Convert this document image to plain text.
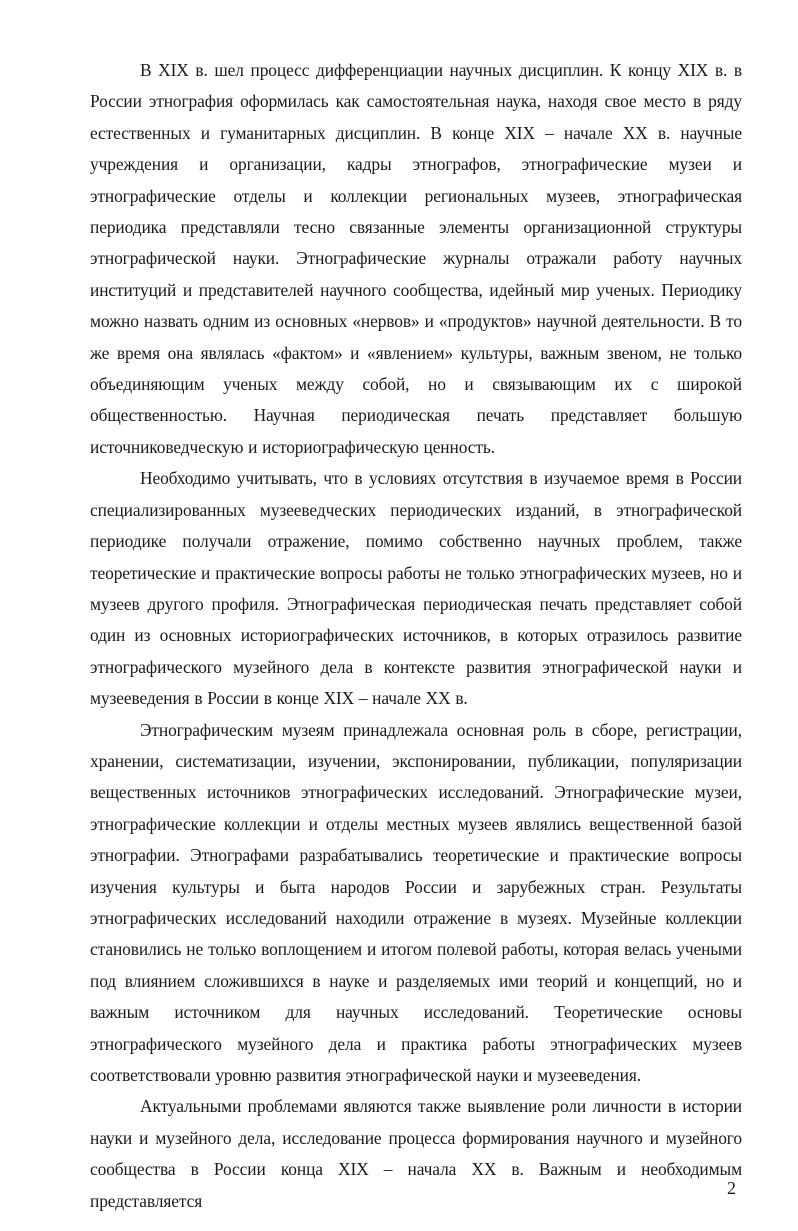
В XIX в. шел процесс дифференциации научных дисциплин. К концу XIX в. в России этнография оформилась как самостоятельная наука, находя свое место в ряду естественных и гуманитарных дисциплин. В конце XIX – начале XX в. научные учреждения и организации, кадры этнографов, этнографические музеи и этнографические отделы и коллекции региональных музеев, этнографическая периодика представляли тесно связанные элементы организационной структуры этнографической науки. Этнографические журналы отражали работу научных институций и представителей научного сообщества, идейный мир ученых. Периодику можно назвать одним из основных «нервов» и «продуктов» научной деятельности. В то же время она являлась «фактом» и «явлением» культуры, важным звеном, не только объединяющим ученых между собой, но и связывающим их с широкой общественностью. Научная периодическая печать представляет большую источниковедческую и историографическую ценность.

Необходимо учитывать, что в условиях отсутствия в изучаемое время в России специализированных музееведческих периодических изданий, в этнографической периодике получали отражение, помимо собственно научных проблем, также теоретические и практические вопросы работы не только этнографических музеев, но и музеев другого профиля. Этнографическая периодическая печать представляет собой один из основных историографических источников, в которых отразилось развитие этнографического музейного дела в контексте развития этнографической науки и музееведения в России в конце XIX – начале XX в.

Этнографическим музеям принадлежала основная роль в сборе, регистрации, хранении, систематизации, изучении, экспонировании, публикации, популяризации вещественных источников этнографических исследований. Этнографические музеи, этнографические коллекции и отделы местных музеев являлись вещественной базой этнографии. Этнографами разрабатывались теоретические и практические вопросы изучения культуры и быта народов России и зарубежных стран. Результаты этнографических исследований находили отражение в музеях. Музейные коллекции становились не только воплощением и итогом полевой работы, которая велась учеными под влиянием сложившихся в науке и разделяемых ими теорий и концепций, но и важным источником для научных исследований. Теоретические основы этнографического музейного дела и практика работы этнографических музеев соответствовали уровню развития этнографической науки и музееведения.

Актуальными проблемами являются также выявление роли личности в истории науки и музейного дела, исследование процесса формирования научного и музейного сообщества в России конца XIX – начала XX в. Важным и необходимым представляется

2
